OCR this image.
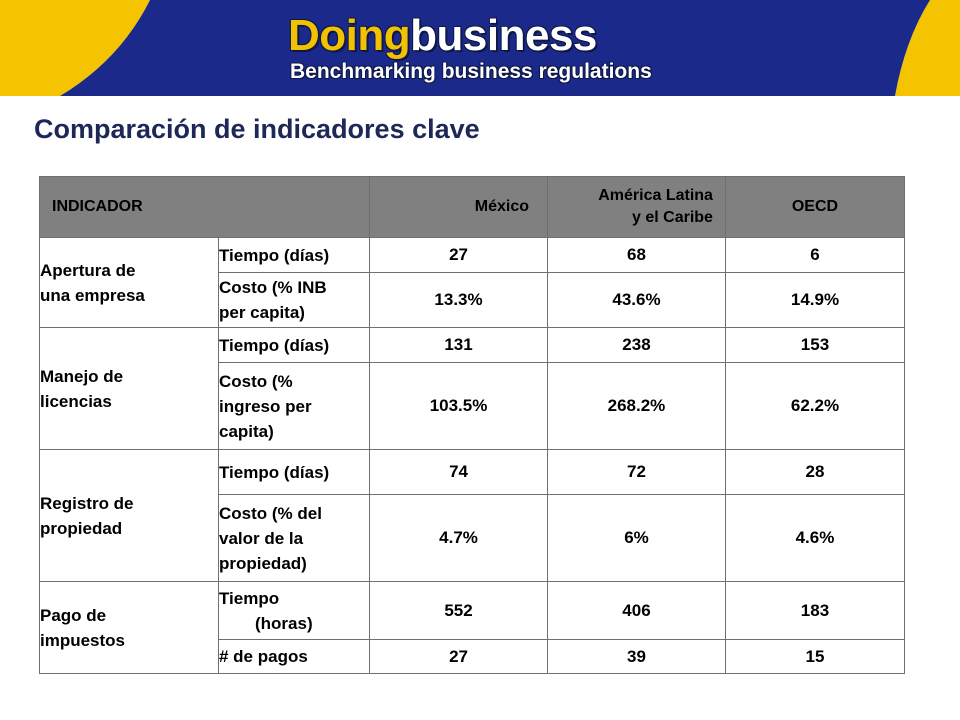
Doingbusiness
Benchmarking business regulations
Comparación de indicadores clave
INDICADOR		México	América Latina
y el Caribe	OECD
Apertura de
una empresa	Tiempo (días)	27	68	6
	Costo (% INB
per capita)	13.3%	43.6%	14.9%
Manejo de
licencias	Tiempo (días)	131	238	153
	Costo (%
ingreso per
capita)	103.5%	268.2%	62.2%
Registro de
propiedad	Tiempo (días)	74	72	28
	Costo (% del
valor de la
propiedad)	4.7%	6%	4.6%
Pago de
impuestos	Tiempo
(horas)	552	406	183
	# de pagos	27	39	15
